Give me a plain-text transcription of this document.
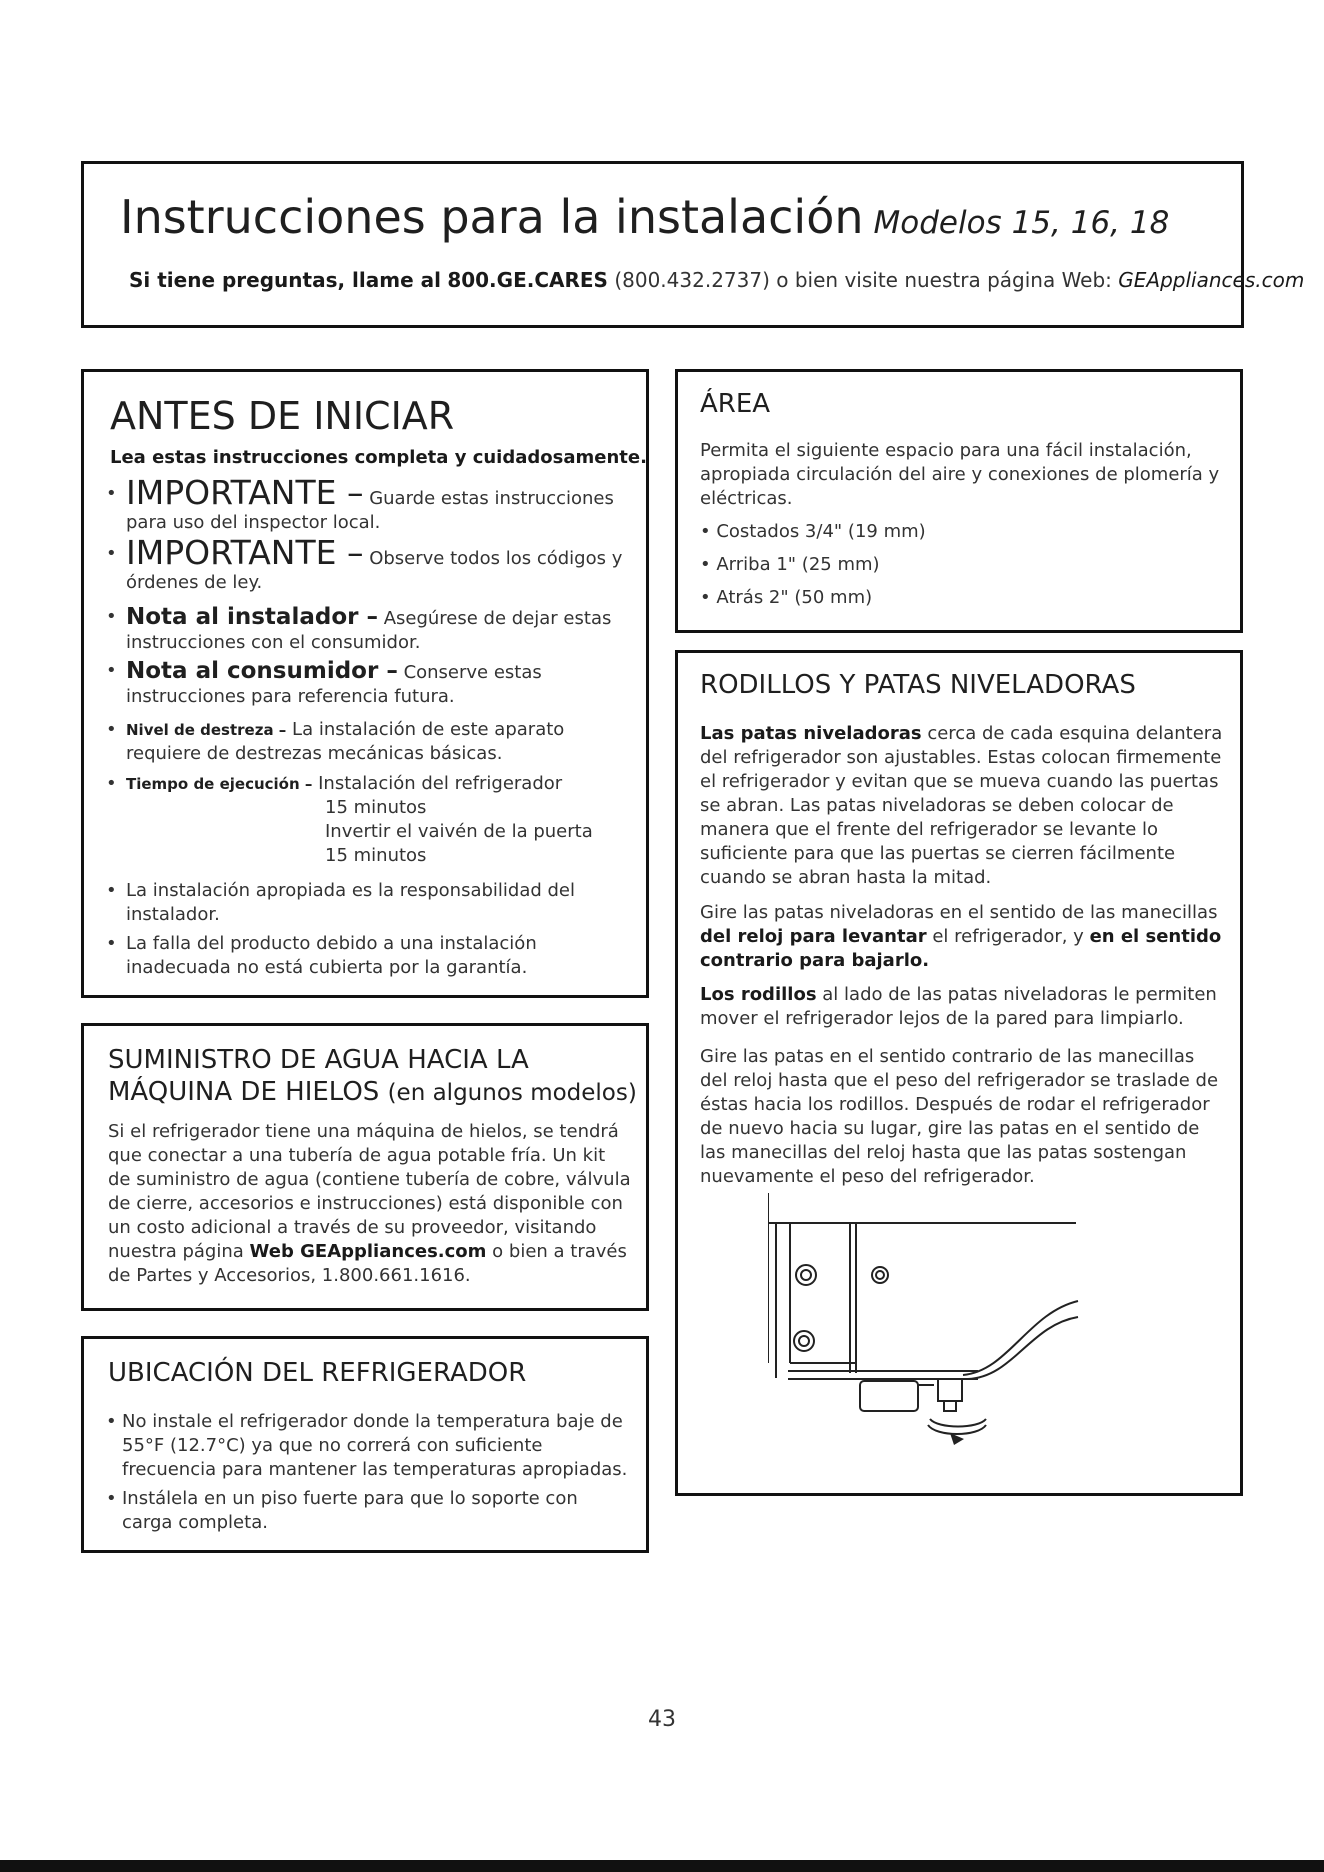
Instrucciones para la instalación Modelos 15, 16, 18
Si tiene preguntas, llame al 800.GE.CARES (800.432.2737) o bien visite nuestra página Web: GEAppliances.com
ANTES DE INICIAR
Lea estas instrucciones completa y cuidadosamente.
• IMPORTANTE – Guarde estas instrucciones para uso del inspector local.
• IMPORTANTE – Observe todos los códigos y órdenes de ley.
• Nota al instalador – Asegúrese de dejar estas instrucciones con el consumidor.
• Nota al consumidor – Conserve estas instrucciones para referencia futura.
• Nivel de destreza – La instalación de este aparato requiere de destrezas mecánicas básicas.
• Tiempo de ejecución – Instalación del refrigerador
15 minutos
Invertir el vaivén de la puerta
15 minutos
• La instalación apropiada es la responsabilidad del instalador.
• La falla del producto debido a una instalación inadecuada no está cubierta por la garantía.
SUMINISTRO DE AGUA HACIA LA
MÁQUINA DE HIELOS (en algunos modelos)
Si el refrigerador tiene una máquina de hielos, se tendrá que conectar a una tubería de agua potable fría. Un kit de suministro de agua (contiene tubería de cobre, válvula de cierre, accesorios e instrucciones) está disponible con un costo adicional a través de su proveedor, visitando nuestra página Web GEAppliances.com o bien a través de Partes y Accesorios, 1.800.661.1616.
UBICACIÓN DEL REFRIGERADOR
• No instale el refrigerador donde la temperatura baje de 55°F (12.7°C) ya que no correrá con suficiente frecuencia para mantener las temperaturas apropiadas.
• Instálela en un piso fuerte para que lo soporte con carga completa.
ÁREA
Permita el siguiente espacio para una fácil instalación, apropiada circulación del aire y conexiones de plomería y eléctricas.
• Costados 3/4" (19 mm)
• Arriba 1" (25 mm)
• Atrás 2" (50 mm)
RODILLOS Y PATAS NIVELADORAS
Las patas niveladoras cerca de cada esquina delantera del refrigerador son ajustables. Estas colocan firmemente el refrigerador y evitan que se mueva cuando las puertas se abran. Las patas niveladoras se deben colocar de manera que el frente del refrigerador se levante lo suficiente para que las puertas se cierren fácilmente cuando se abran hasta la mitad.
Gire las patas niveladoras en el sentido de las manecillas del reloj para levantar el refrigerador, y en el sentido contrario para bajarlo.
Los rodillos al lado de las patas niveladoras le permiten mover el refrigerador lejos de la pared para limpiarlo.
Gire las patas en el sentido contrario de las manecillas del reloj hasta que el peso del refrigerador se traslade de éstas hacia los rodillos. Después de rodar el refrigerador de nuevo hacia su lugar, gire las patas en el sentido de las manecillas del reloj hasta que las patas sostengan nuevamente el peso del refrigerador.
43
